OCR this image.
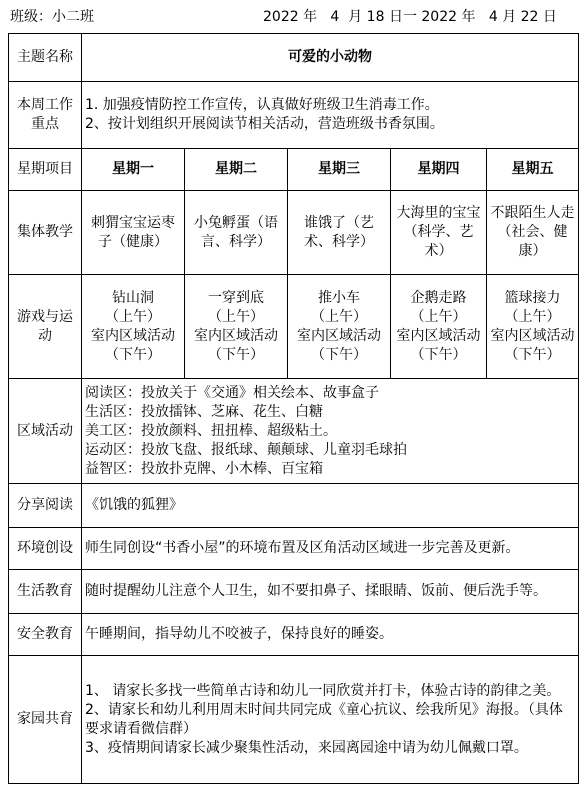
班级：小二班	2022 年   4  月 18 日一 2022 年   4 月 22 日
主题名称	可爱的小动物				
本周工作重点	1. 加强疫情防控工作宣传，认真做好班级卫生消毒工作。
2、按计划组织开展阅读节相关活动，营造班级书香氛围。				

星期项目	星期一	星期二	星期三	星期四	星期五
集体教学	刺猬宝宝运枣子（健康）	小兔孵蛋（语言、科学）	谁饿了（艺术、科学）	大海里的宝宝（科学、艺术）	不跟陌生人走（社会、健康）
游戏与运动	钻山洞
（上午）
室内区域活动
（下午）	一穿到底
（上午）
室内区域活动
（下午）	推小车
（上午）
室内区域活动
（下午）	企鹅走路
（上午）
室内区域活动
（下午）	篮球接力
（上午）
室内区域活动
（下午）

区域活动	阅读区：投放关于《交通》相关绘本、故事盒子
生活区：投放擂钵、芝麻、花生、白糖
美工区：投放颜料、扭扭棒、超级粘土。
运动区：投放飞盘、报纸球、颠颠球、儿童羽毛球拍
益智区：投放扑克牌、小木棒、百宝箱				

分享阅读	《饥饿的狐狸》				
环境创设	师生同创设“书香小屋”的环境布置及区角活动区域进一步完善及更新。				
生活教育	随时提醒幼儿注意个人卫生，如不要扣鼻子、揉眼睛、饭前、便后洗手等。				
安全教育	午睡期间，指导幼儿不咬被子，保持良好的睡姿。				
家园共育	1、 请家长多找一些简单古诗和幼儿一同欣赏并打卡，体验古诗的韵律之美。
2、请家长和幼儿利用周末时间共同完成《童心抗议、绘我所见》海报。（具体要求请看微信群）
3、疫情期间请家长减少聚集性活动，来园离园途中请为幼儿佩戴口罩。				
